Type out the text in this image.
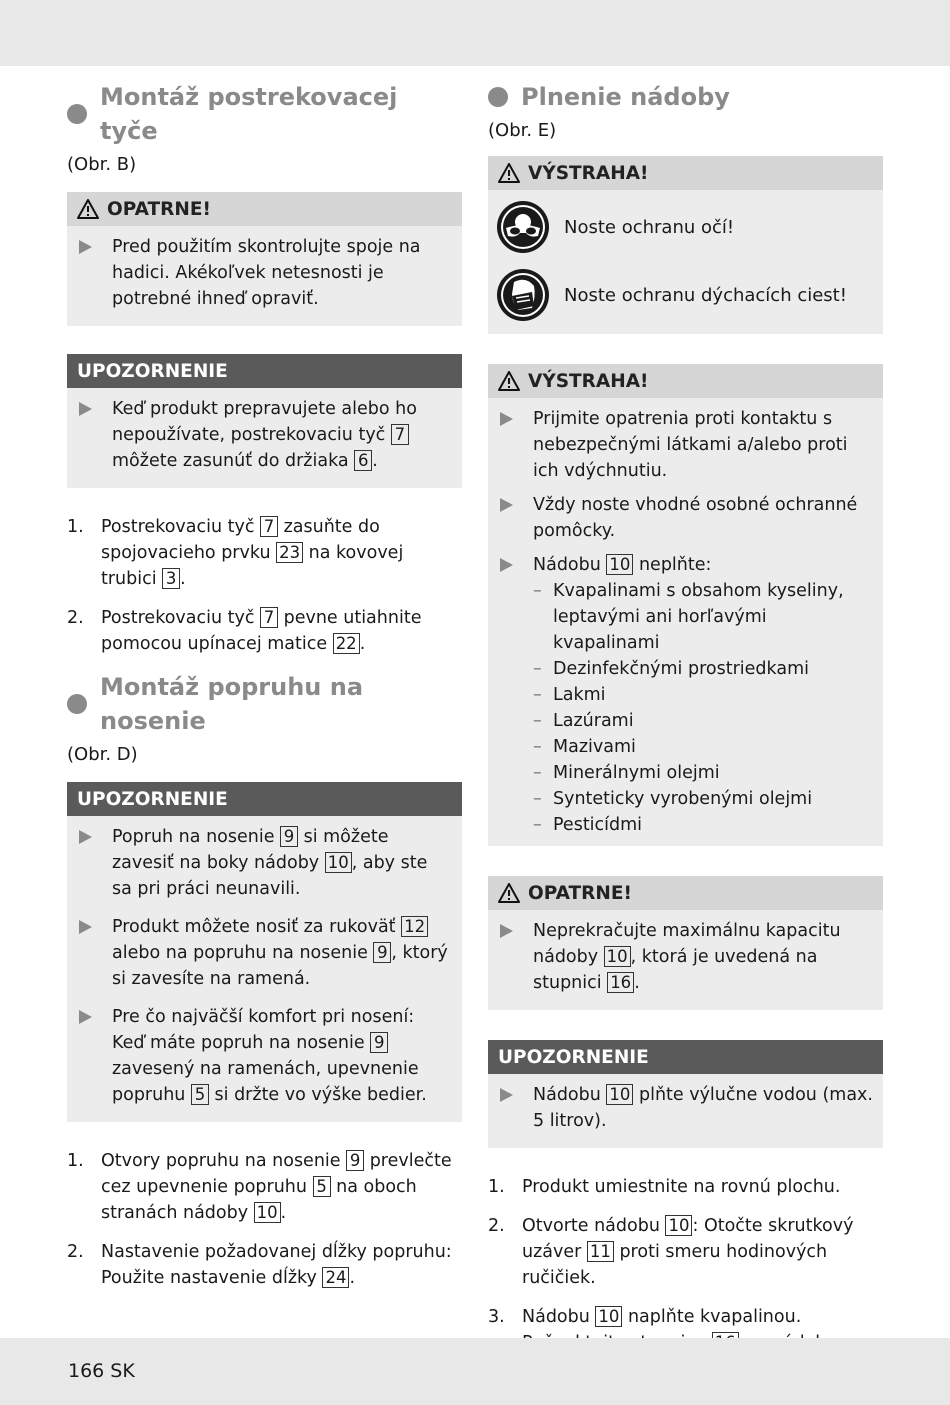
Montáž postrekovacej tyče
(Obr. B)
OPATRNE!
Pred použitím skontrolujte spoje na hadici. Akékoľvek netesnosti je potrebné ihneď opraviť.
UPOZORNENIE
Keď produkt prepravujete alebo ho nepoužívate, postrekovaciu tyč 7 môžete zasunúť do držiaka 6 .
1. Postrekovaciu tyč 7 zasuňte do spojovacieho prvku 23 na kovovej trubici 3 .
2. Postrekovaciu tyč 7 pevne utiahnite pomocou upínacej matice 22 .
Montáž popruhu na nosenie
(Obr. D)
UPOZORNENIE
Popruh na nosenie 9 si môžete zavesiť na boky nádoby 10 , aby ste sa pri práci neunavili.
Produkt môžete nosiť za rukoväť 12 alebo na popruhu na nosenie 9 , ktorý si zavesíte na ramená.
Pre čo najväčší komfort pri nosení: Keď máte popruh na nosenie 9 zavesený na ramenách, upevnenie popruhu 5 si držte vo výške bedier.
1. Otvory popruhu na nosenie 9 prevlečte cez upevnenie popruhu 5 na oboch stranách nádoby 10 .
2. Nastavenie požadovanej dĺžky popruhu: Použite nastavenie dĺžky 24 .
Plnenie nádoby
(Obr. E)
VÝSTRAHA!
Noste ochranu očí!
Noste ochranu dýchacích ciest!
VÝSTRAHA!
Prijmite opatrenia proti kontaktu s nebezpečnými látkami a/alebo proti ich vdýchnutiu.
Vždy noste vhodné osobné ochranné pomôcky.
Nádobu 10 neplňte:
– Kvapalinami s obsahom kyseliny, leptavými ani horľavými kvapalinami
– Dezinfekčnými prostriedkami
– Lakmi
– Lazúrami
– Mazivami
– Minerálnymi olejmi
– Synteticky vyrobenými olejmi
– Pesticídmi
OPATRNE!
Neprekračujte maximálnu kapacitu nádoby 10 , ktorá je uvedená na stupnici 16 .
UPOZORNENIE
Nádobu 10 plňte výlučne vodou (max. 5 litrov).
1. Produkt umiestnite na rovnú plochu.
2. Otvorte nádobu 10 : Otočte skrutkový uzáver 11 proti smeru hodinových ručičiek.
3. Nádobu 10 naplňte kvapalinou.
166 SK
